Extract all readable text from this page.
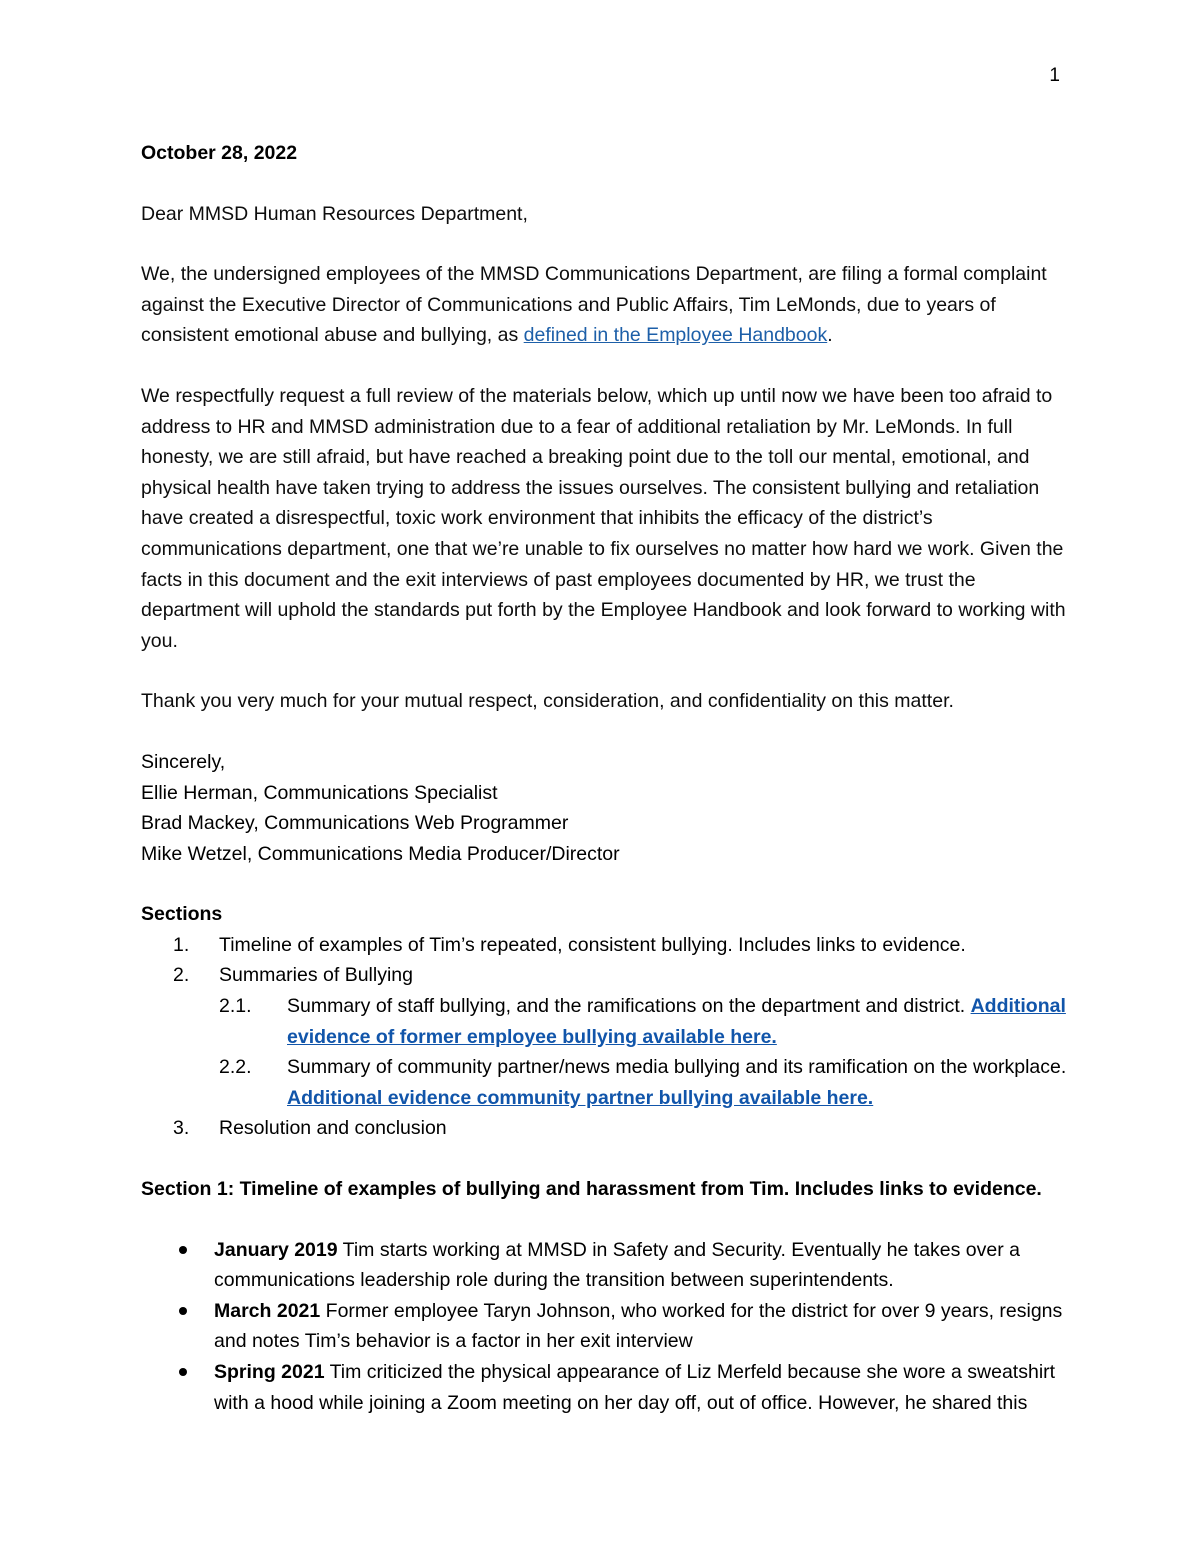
1
October 28, 2022

Dear MMSD Human Resources Department,

We, the undersigned employees of the MMSD Communications Department, are filing a formal complaint against the Executive Director of Communications and Public Affairs, Tim LeMonds, due to years of consistent emotional abuse and bullying, as defined in the Employee Handbook.

We respectfully request a full review of the materials below, which up until now we have been too afraid to address to HR and MMSD administration due to a fear of additional retaliation by Mr. LeMonds. In full honesty, we are still afraid, but have reached a breaking point due to the toll our mental, emotional, and physical health have taken trying to address the issues ourselves. The consistent bullying and retaliation have created a disrespectful, toxic work environment that inhibits the efficacy of the district’s communications department, one that we’re unable to fix ourselves no matter how hard we work. Given the facts in this document and the exit interviews of past employees documented by HR, we trust the department will uphold the standards put forth by the Employee Handbook and look forward to working with you.

Thank you very much for your mutual respect, consideration, and confidentiality on this matter.

Sincerely,
Ellie Herman, Communications Specialist
Brad Mackey, Communications Web Programmer
Mike Wetzel, Communications Media Producer/Director
Sections
1.	Timeline of examples of Tim’s repeated, consistent bullying. Includes links to evidence.
2.	Summaries of Bullying
2.1.	Summary of staff bullying, and the ramifications on the department and district. Additional evidence of former employee bullying available here.
2.2.	Summary of community partner/news media bullying and its ramification on the workplace. Additional evidence community partner bullying available here.
3.	Resolution and conclusion
Section 1: Timeline of examples of bullying and harassment from Tim. Includes links to evidence.
January 2019 Tim starts working at MMSD in Safety and Security. Eventually he takes over a communications leadership role during the transition between superintendents.
March 2021 Former employee Taryn Johnson, who worked for the district for over 9 years, resigns and notes Tim’s behavior is a factor in her exit interview
Spring 2021 Tim criticized the physical appearance of Liz Merfeld because she wore a sweatshirt with a hood while joining a Zoom meeting on her day off, out of office. However, he shared this
